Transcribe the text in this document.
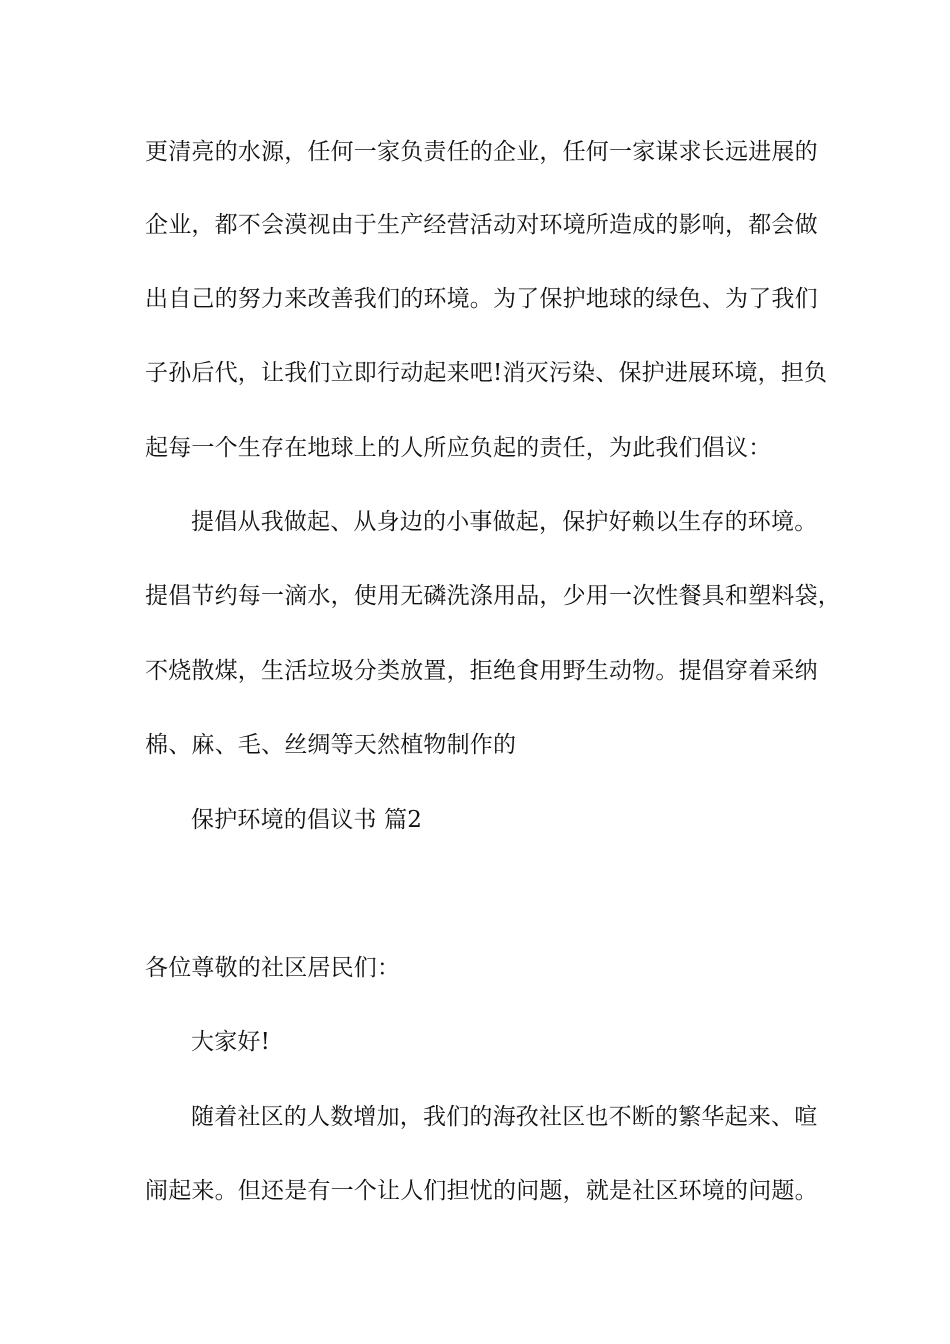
更清亮的水源，任何一家负责任的企业，任何一家谋求长远进展的
企业，都不会漠视由于生产经营活动对环境所造成的影响，都会做
出自己的努力来改善我们的环境。为了保护地球的绿色、为了我们
子孙后代，让我们立即行动起来吧!消灭污染、保护进展环境，担负
起每一个生存在地球上的人所应负起的责任，为此我们倡议：
提倡从我做起、从身边的小事做起，保护好赖以生存的环境。
提倡节约每一滴水，使用无磷洗涤用品，少用一次性餐具和塑料袋，
不烧散煤，生活垃圾分类放置，拒绝食用野生动物。提倡穿着采纳
棉、麻、毛、丝绸等天然植物制作的
保护环境的倡议书 篇2
各位尊敬的社区居民们：
大家好!
随着社区的人数增加，我们的海孜社区也不断的繁华起来、喧
闹起来。但还是有一个让人们担忧的问题，就是社区环境的问题。
